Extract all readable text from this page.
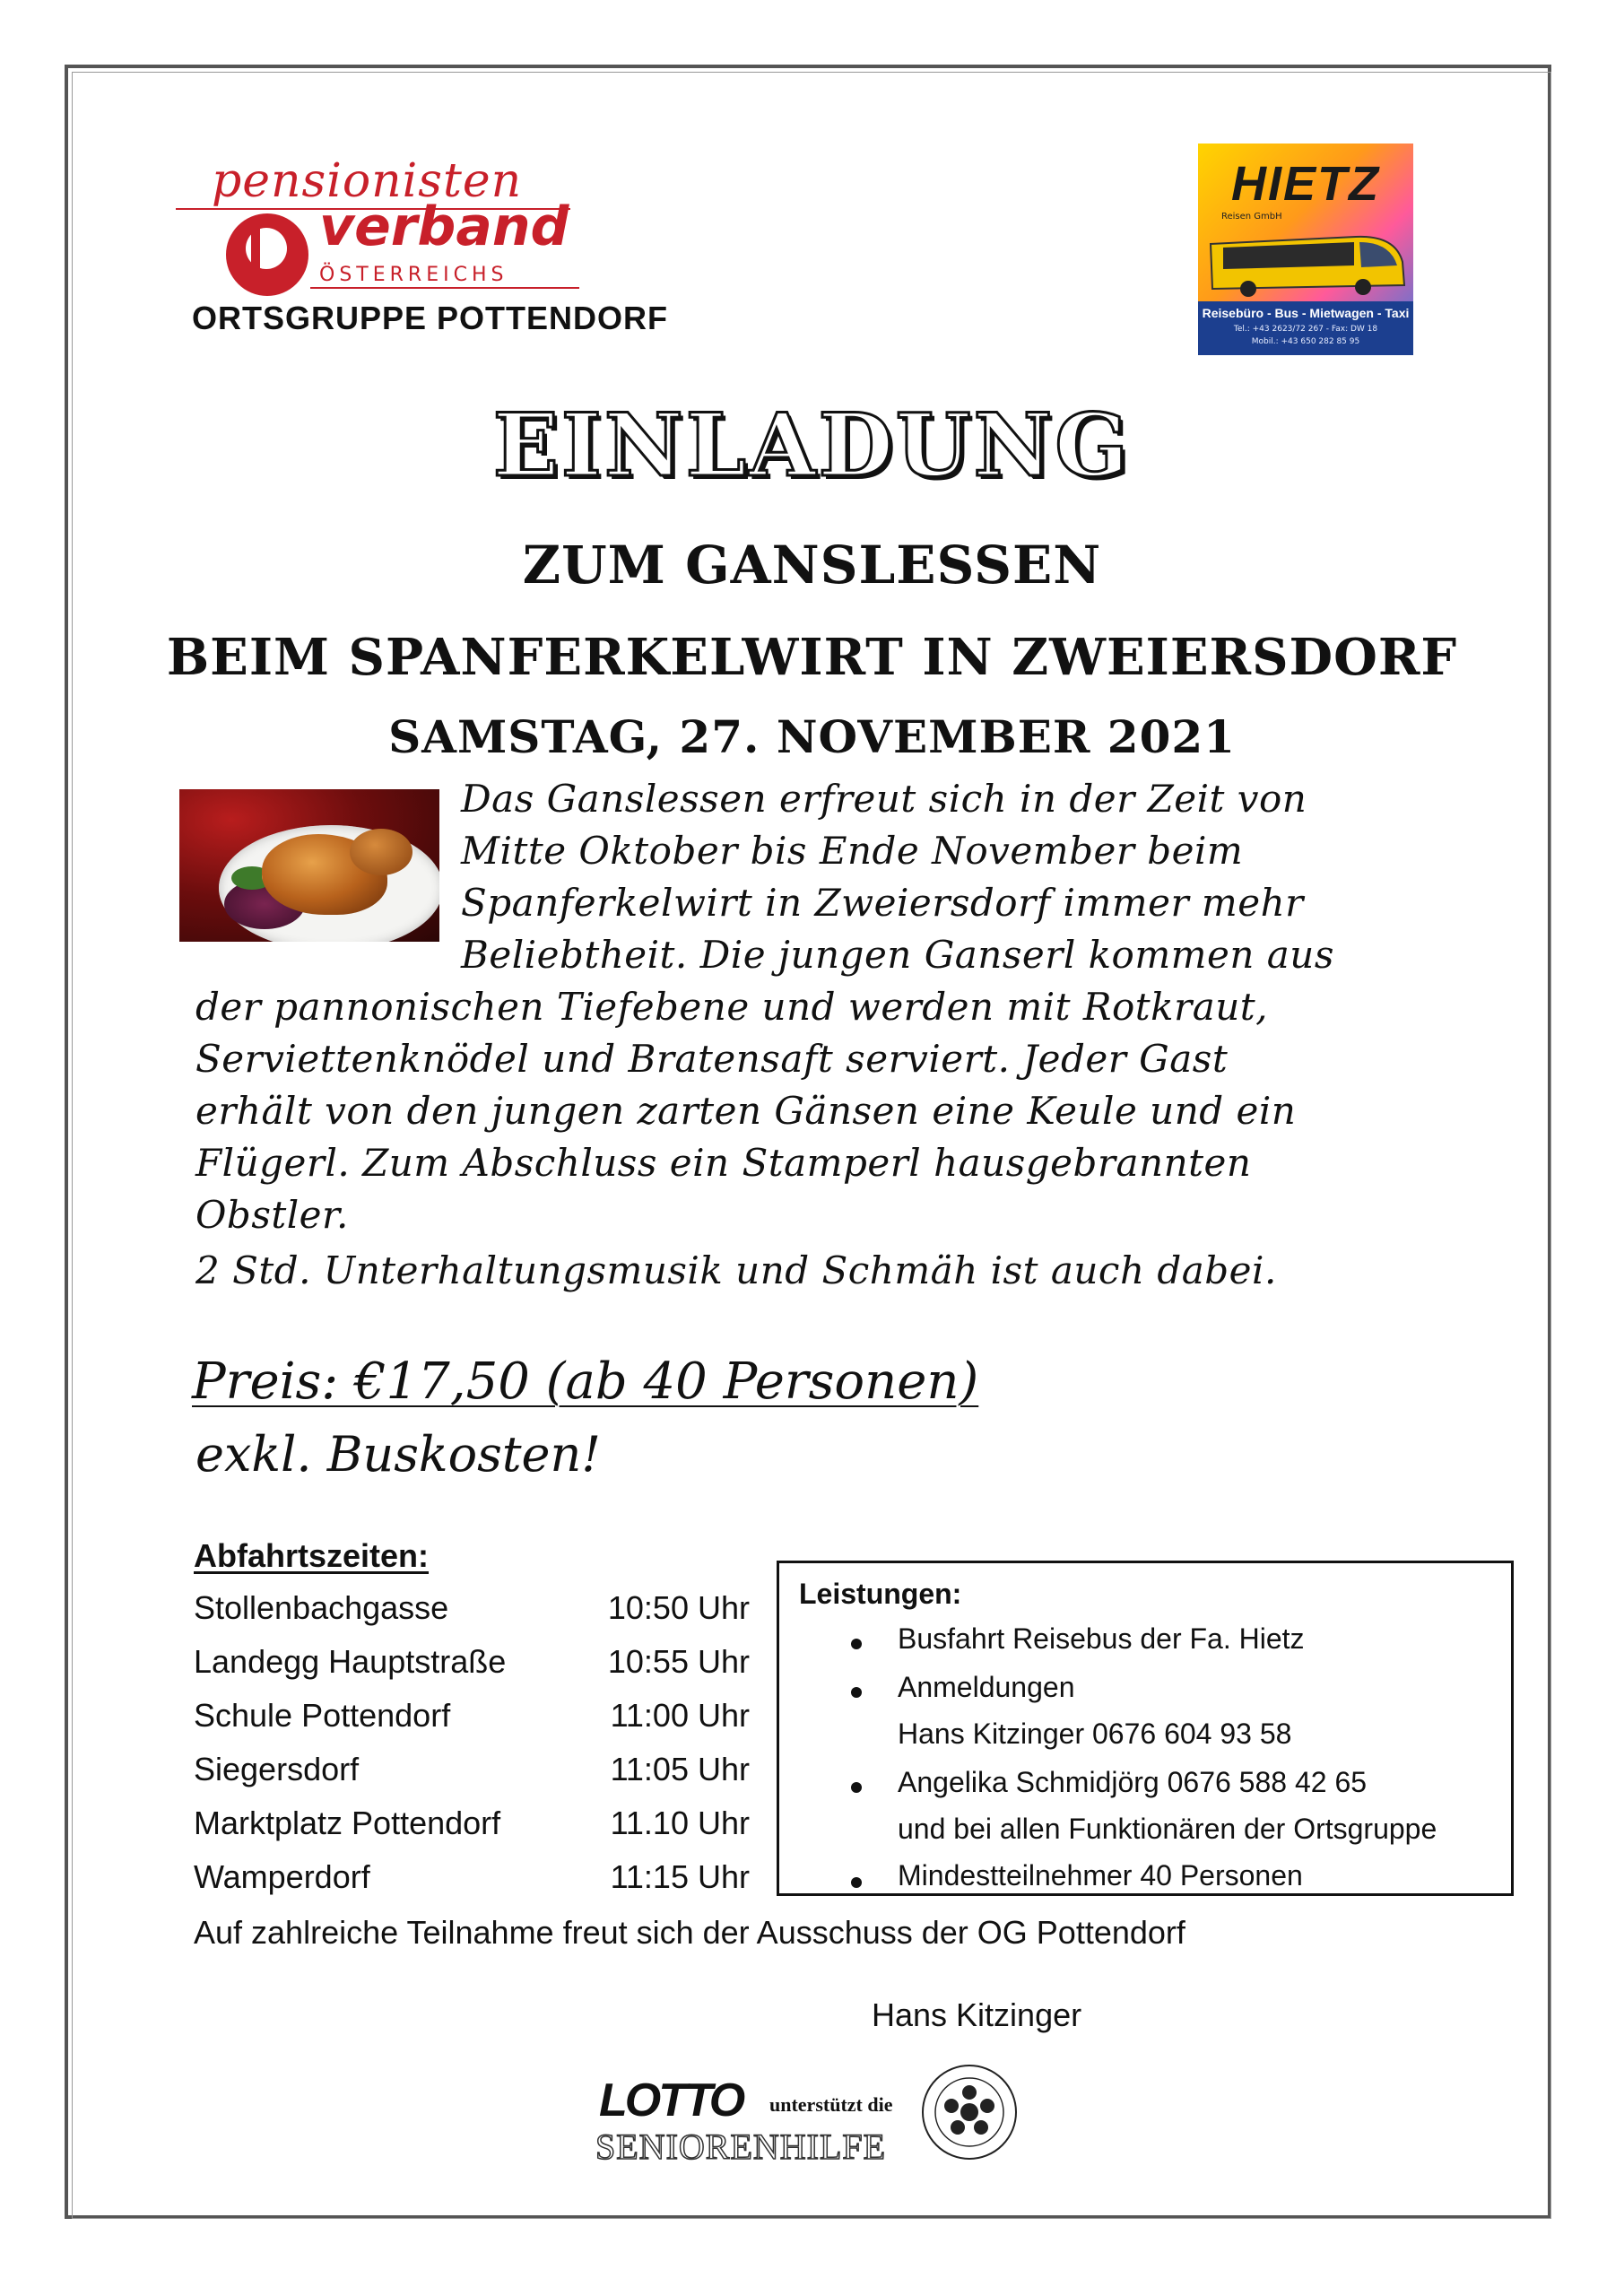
pensionisten
verband
ÖSTERREICHS
ORTSGRUPPE POTTENDORF
HIETZ
Reisen GmbH
Reisebüro - Bus - Mietwagen - Taxi
Tel.: +43 2623/72 267 - Fax: DW 18
Mobil.: +43 650 282 85 95
EINLADUNG
ZUM GANSLESSEN
BEIM SPANFERKELWIRT IN ZWEIERSDORF
SAMSTAG, 27. NOVEMBER 2021
Das Ganslessen erfreut sich in der Zeit von
Mitte Oktober bis Ende November beim
Spanferkelwirt in Zweiersdorf immer mehr
Beliebtheit. Die jungen Ganserl kommen aus
der pannonischen Tiefebene und werden mit Rotkraut,
Serviettenknödel und Bratensaft serviert. Jeder Gast
erhält von den jungen zarten Gänsen eine Keule und ein
Flügerl. Zum Abschluss ein Stamperl hausgebrannten
Obstler.
2 Std. Unterhaltungsmusik und Schmäh ist auch dabei.
Preis: €17,50 (ab 40 Personen)
exkl. Buskosten!
Abfahrtszeiten:
Stollenbachgasse	10:50 Uhr
Landegg Hauptstraße	10:55 Uhr
Schule Pottendorf	11:00 Uhr
Siegersdorf	11:05 Uhr
Marktplatz Pottendorf	11.10 Uhr
Wamperdorf	11:15 Uhr
Leistungen:
Busfahrt Reisebus der Fa. Hietz
Anmeldungen
Hans Kitzinger 0676 604 93 58
Angelika Schmidjörg 0676 588 42 65
und bei allen Funktionären der Ortsgruppe
Mindestteilnehmer 40 Personen
Auf zahlreiche Teilnahme freut sich der Ausschuss der OG Pottendorf
Hans Kitzinger
LOTTO unterstützt die
SENIORENHILFE
